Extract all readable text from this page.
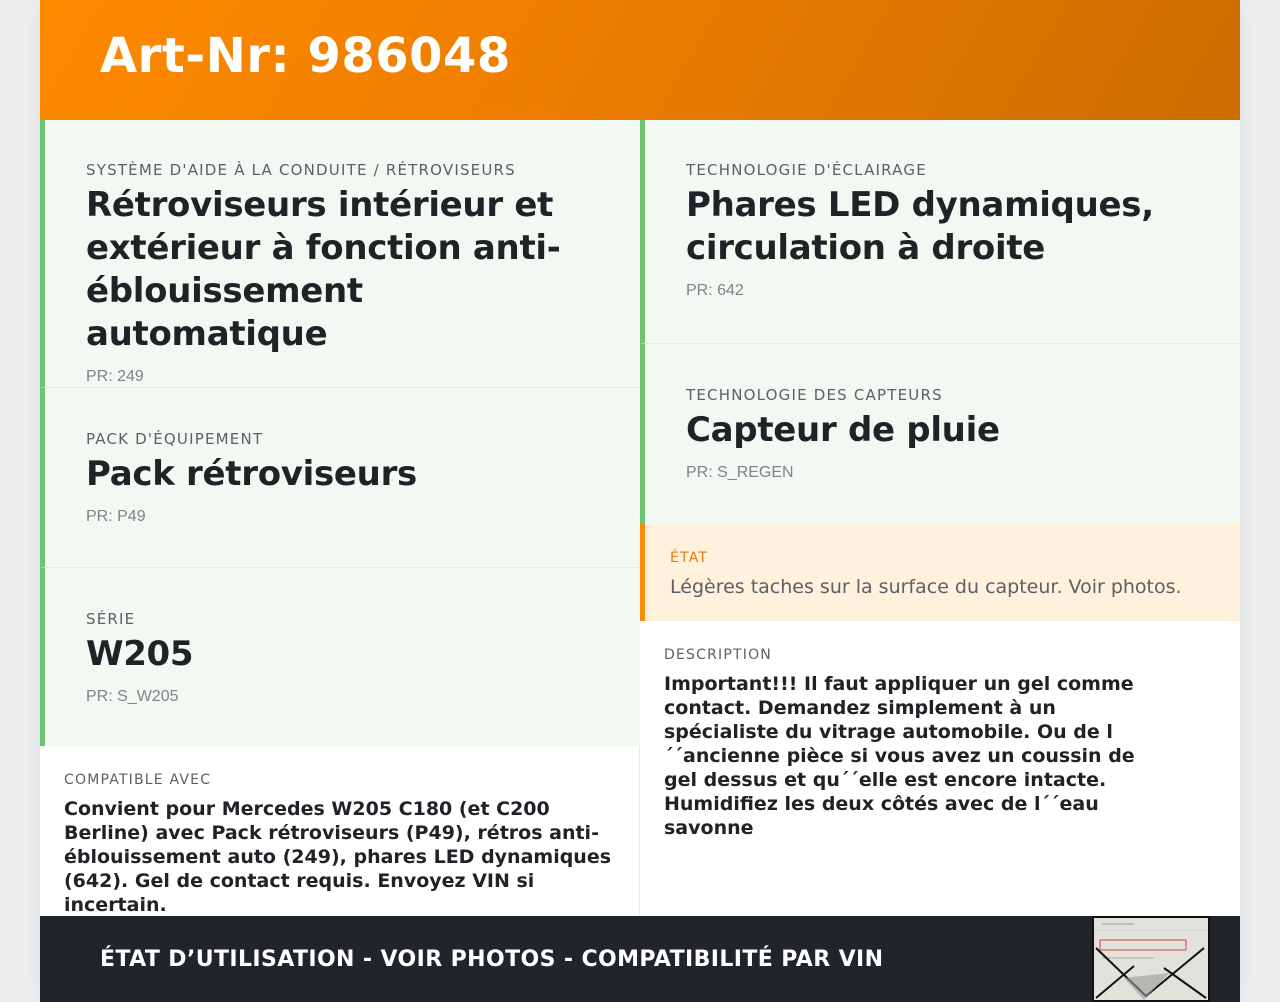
Art-Nr: 986048
SYSTÈME D'AIDE À LA CONDUITE / RÉTROVISEURS
Rétroviseurs intérieur et extérieur à fonction anti-éblouissement automatique
PR: 249
PACK D'ÉQUIPEMENT
Pack rétroviseurs
PR: P49
SÉRIE
W205
PR: S_W205
TECHNOLOGIE D'ÉCLAIRAGE
Phares LED dynamiques, circulation à droite
PR: 642
TECHNOLOGIE DES CAPTEURS
Capteur de pluie
PR: S_REGEN
ÉTAT
Légères taches sur la surface du capteur. Voir photos.
COMPATIBLE AVEC
Convient pour Mercedes W205 C180 (et C200 Berline) avec Pack rétroviseurs (P49), rétros anti-éblouissement auto (249), phares LED dynamiques (642). Gel de contact requis. Envoyez VIN si incertain.
DESCRIPTION
Important!!! Il faut appliquer un gel comme contact. Demandez simplement à un spécialiste du vitrage automobile. Ou de l´´ancienne pièce si vous avez un coussin de gel dessus et qu´´elle est encore intacte. Humidifiez les deux côtés avec de l´´eau savonne
ÉTAT D’UTILISATION - VOIR PHOTOS - COMPATIBILITÉ PAR VIN
